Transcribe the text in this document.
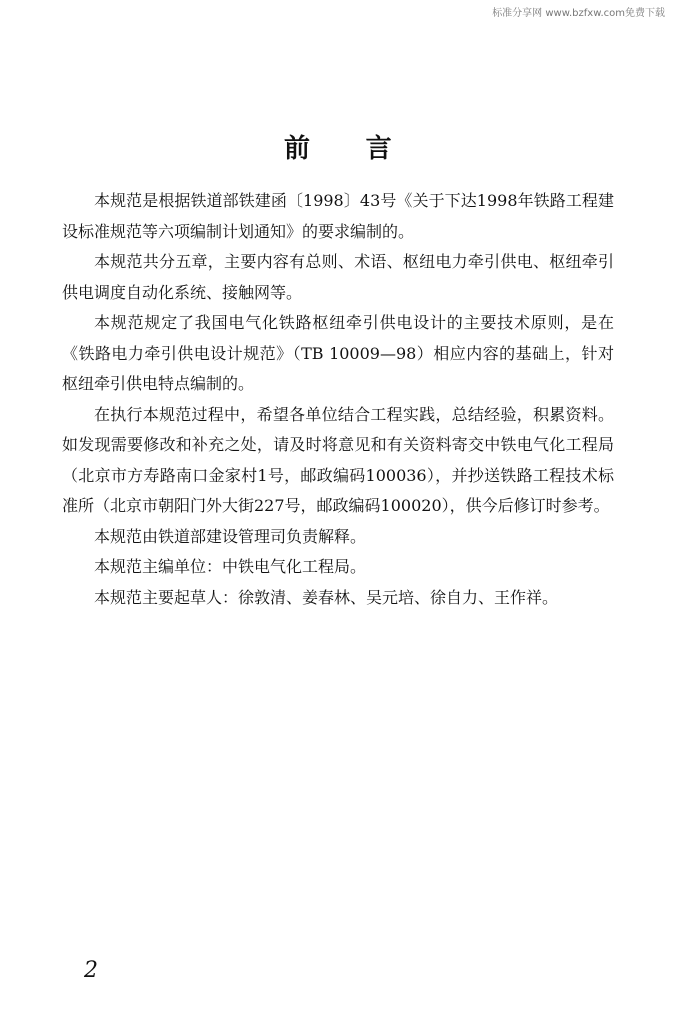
标准分享网 www.bzfxw.com免费下载
前 言

本规范是根据铁道部铁建函〔1998〕43号《关于下达1998年铁路工程建设标准规范等六项编制计划通知》的要求编制的。

本规范共分五章，主要内容有总则、术语、枢纽电力牵引供电、枢纽牵引供电调度自动化系统、接触网等。

本规范规定了我国电气化铁路枢纽牵引供电设计的主要技术原则，是在《铁路电力牵引供电设计规范》（TB 10009—98）相应内容的基础上，针对枢纽牵引供电特点编制的。

在执行本规范过程中，希望各单位结合工程实践，总结经验，积累资料。如发现需要修改和补充之处，请及时将意见和有关资料寄交中铁电气化工程局（北京市方寿路南口金家村1号，邮政编码100036），并抄送铁路工程技术标准所（北京市朝阳门外大街227号，邮政编码100020），供今后修订时参考。

本规范由铁道部建设管理司负责解释。

本规范主编单位：中铁电气化工程局。

本规范主要起草人：徐敦清、姜春林、吴元培、徐自力、王作祥。

2
